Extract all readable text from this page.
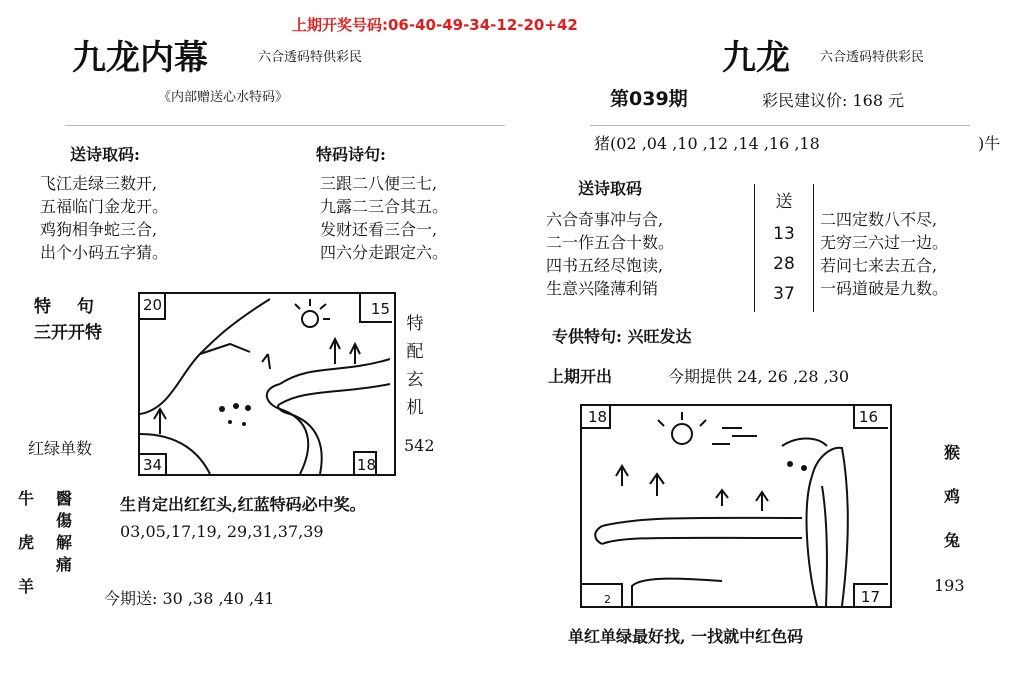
上期开奖号码:06-40-49-34-12-20+42
九龙内幕	六合透码特供彩民
《内部赠送心水特码》
送诗取码:
飞江走绿三数开,
五福临门金龙开。
鸡狗相争蛇三合,
出个小码五字猜。
特码诗句:
三跟二八便三七,
九露二三合其五。
发财还看三合一,
四六分走跟定六。
特 句
三开开特
红绿单数
20	15
34	18
特配玄机
542
牛
虎
羊
醫傷解痛
生肖定出红红头,红蓝特码必中奖。
03,05,17,19, 29,31,37,39
今期送: 30 ,38 ,40 ,41
九龙 六合透码特供彩民
第039期	彩民建议价: 168 元
猪(02 ,04 ,10 ,12 ,14 ,16 ,18	)牛
送诗取码
六合奇事冲与合,
二一作五合十数。
四书五经尽饱读,
生意兴隆薄利销
送
13
28
37
二四定数八不尽,
无穷三六过一边。
若问七来去五合,
一码道破是九数。
专供特句: 兴旺发达
上期开出	今期提供 24, 26 ,28 ,30
18	16
2	17
猴
鸡
兔
193
单红单绿最好找, 一找就中红色码
